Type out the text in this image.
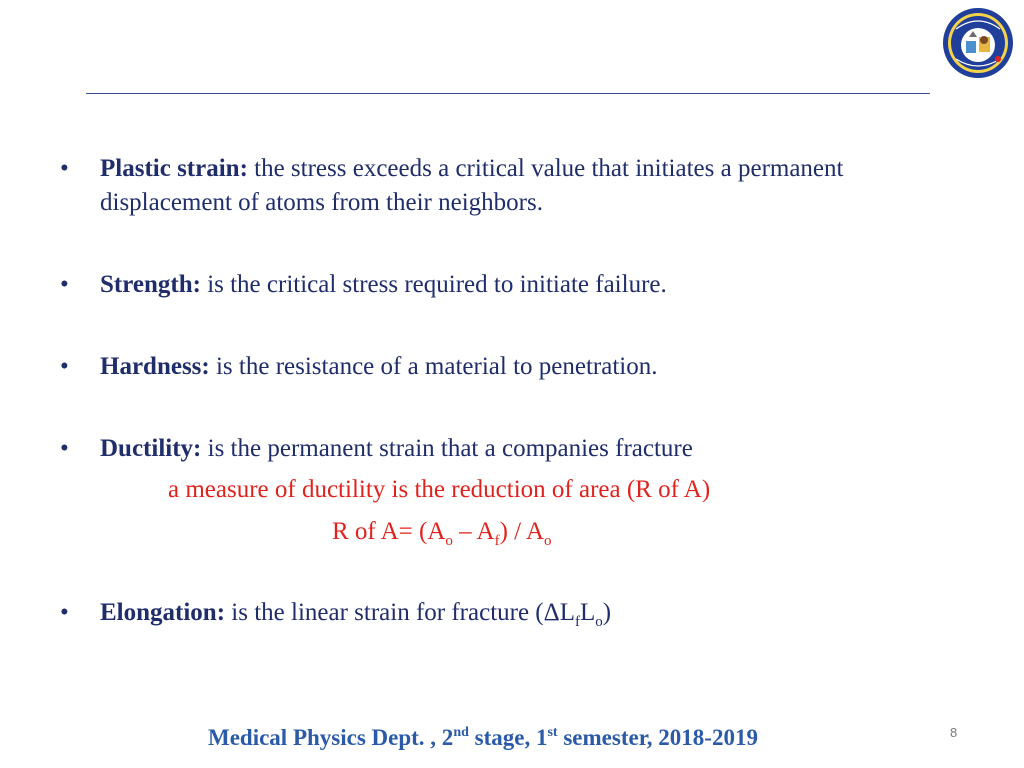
•	Plastic strain: the stress exceeds a critical value that initiates a permanent displacement of atoms from their neighbors.
•	Strength: is the critical stress required to initiate failure.
•	Hardness: is the resistance of a material to penetration.
•	Ductility: is the permanent strain that a companies fracture
a measure of ductility is the reduction of area (R of A)
R of $A= (A_o - A_f) / A_o$
•	Elongation: is the linear strain for fracture $(\Delta L_fL_o)$
Medical Physics Dept. , 2nd stage, 1st semester, 2018-2019	8
